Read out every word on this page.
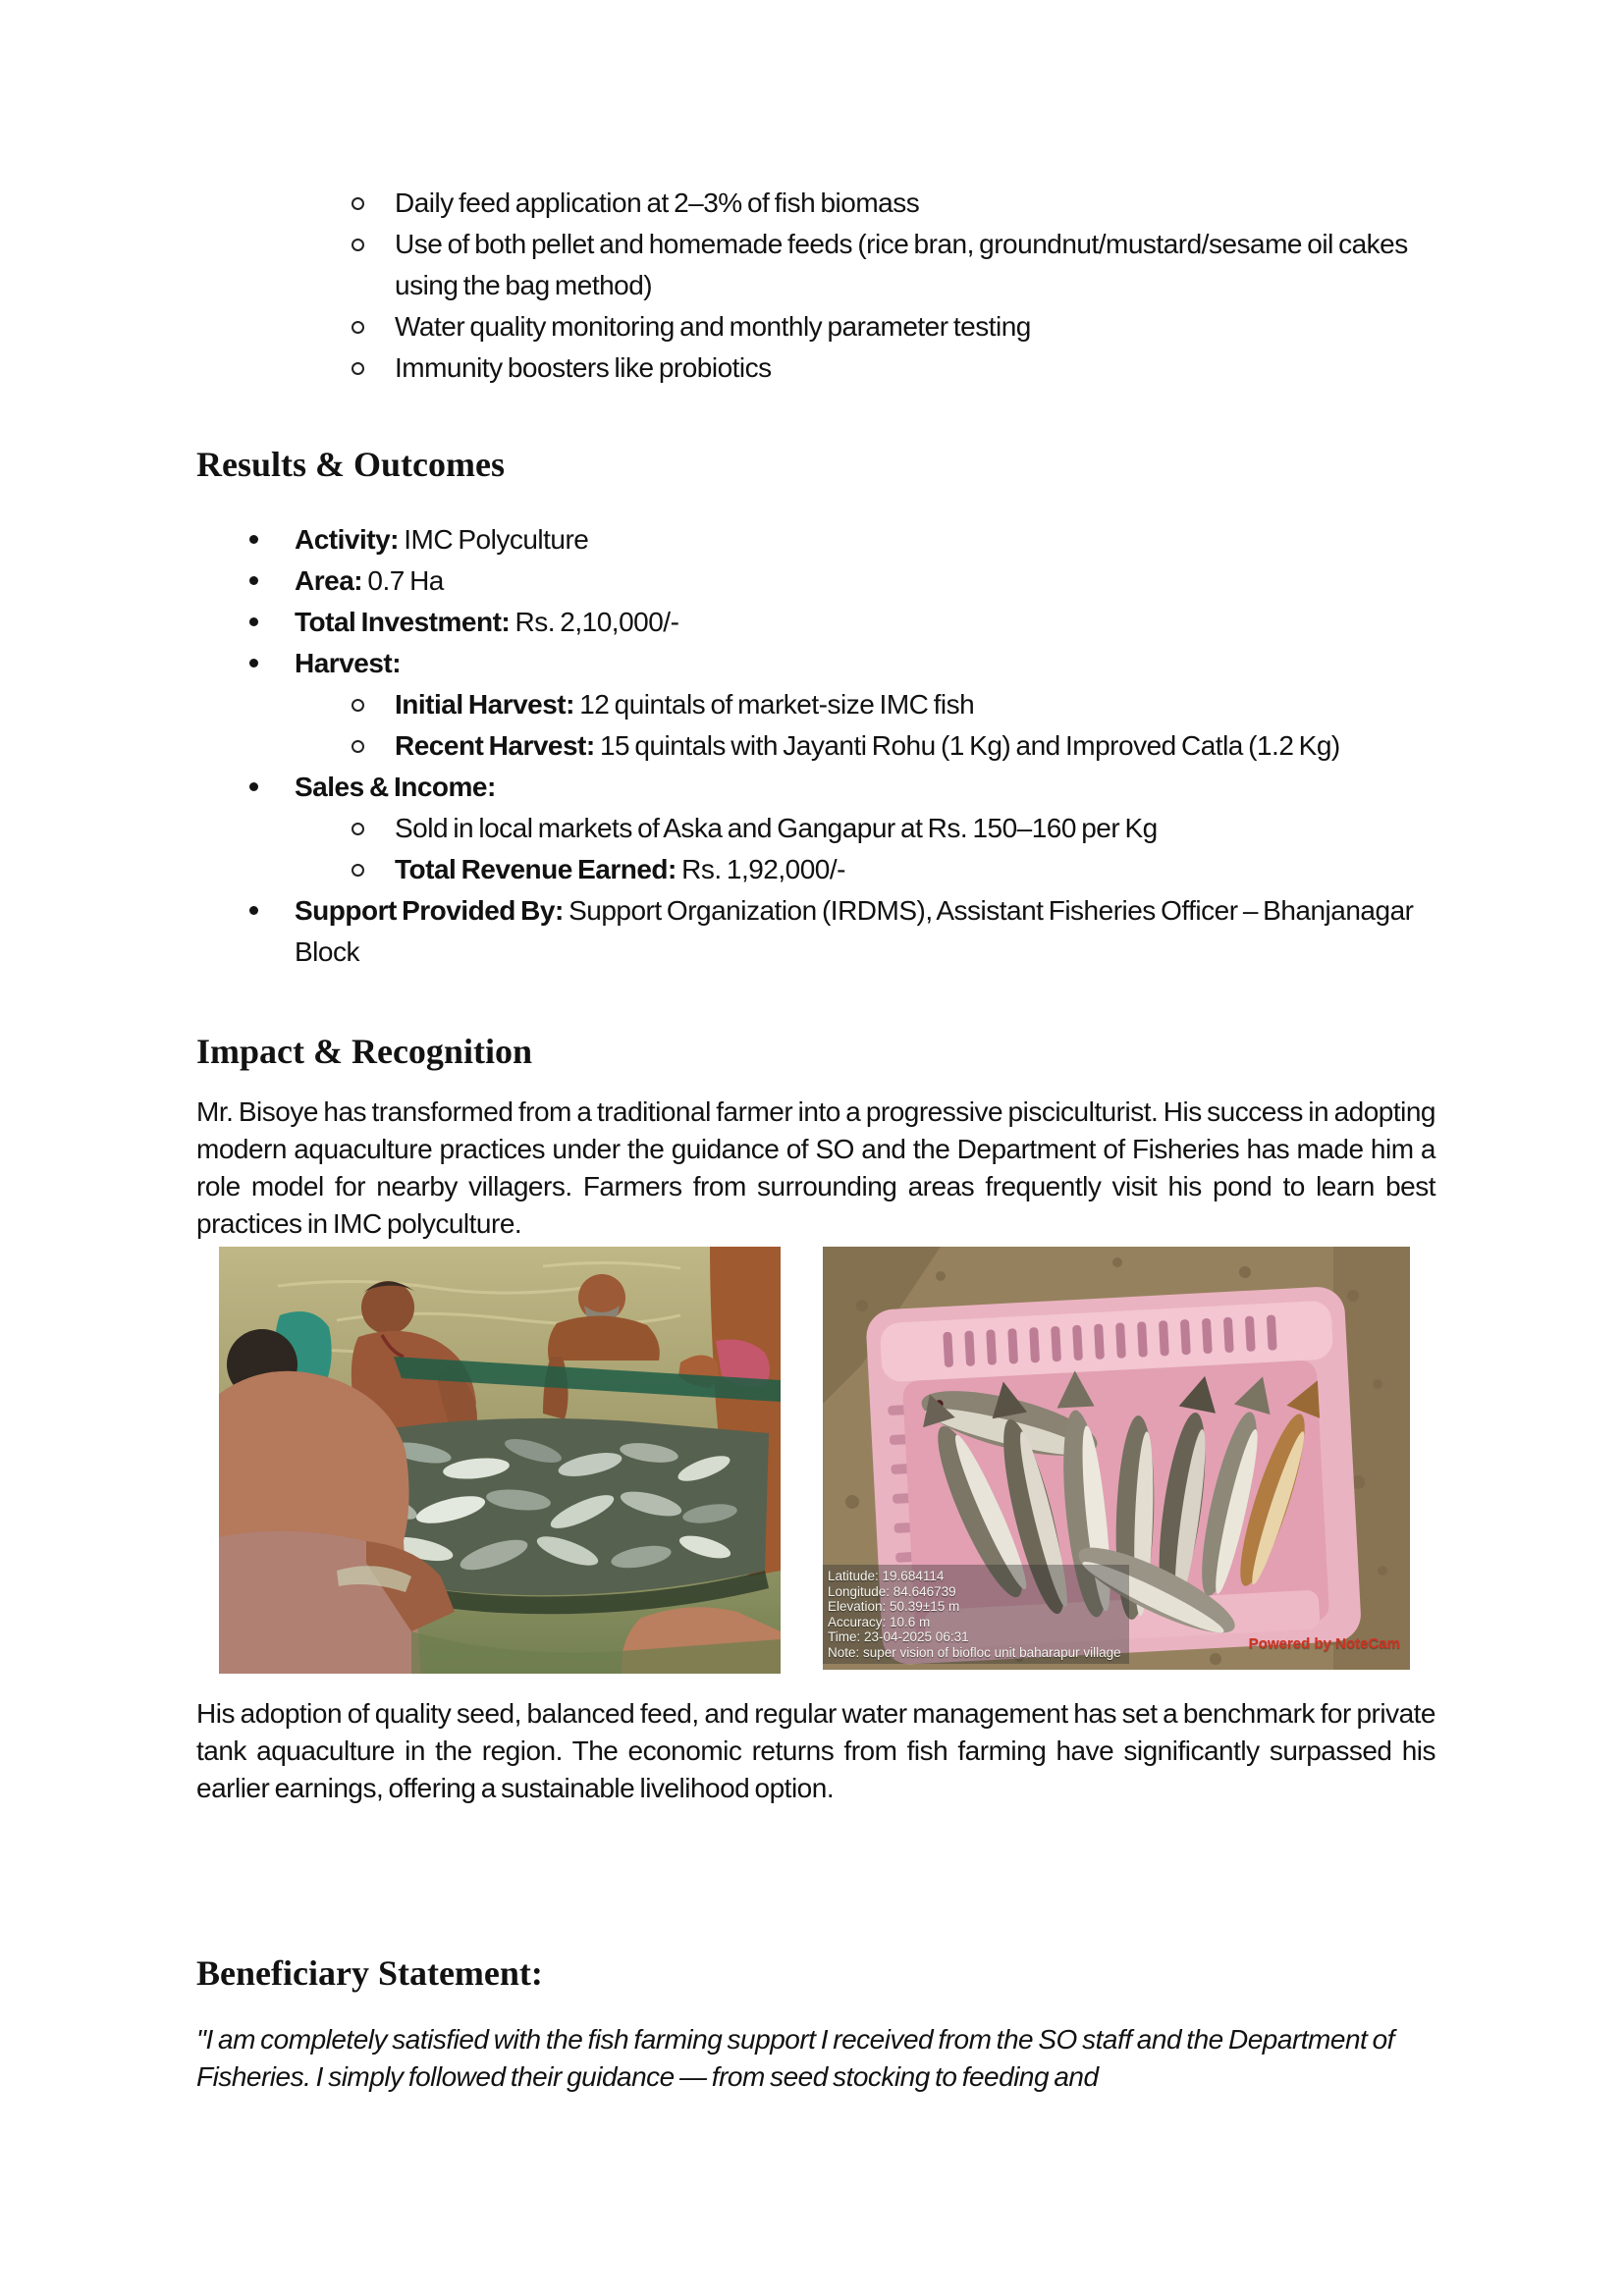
Daily feed application at 2–3% of fish biomass
Use of both pellet and homemade feeds (rice bran, groundnut/mustard/sesame oil cakes using the bag method)
Water quality monitoring and monthly parameter testing
Immunity boosters like probiotics
Results & Outcomes
Activity: IMC Polyculture
Area: 0.7 Ha
Total Investment: Rs. 2,10,000/-
Harvest:
Initial Harvest: 12 quintals of market-size IMC fish
Recent Harvest: 15 quintals with Jayanti Rohu (1 Kg) and Improved Catla (1.2 Kg)
Sales & Income:
Sold in local markets of Aska and Gangapur at Rs. 150–160 per Kg
Total Revenue Earned: Rs. 1,92,000/-
Support Provided By: Support Organization (IRDMS), Assistant Fisheries Officer – Bhanjanagar Block
Impact & Recognition

Mr. Bisoye has transformed from a traditional farmer into a progressive pisciculturist. His success in adopting modern aquaculture practices under the guidance of SO and the Department of Fisheries has made him a role model for nearby villagers. Farmers from surrounding areas frequently visit his pond to learn best practices in IMC polyculture.

Latitude: 19.684114
Longitude: 84.646739
Elevation: 50.39±15 m
Accuracy: 10.6 m
Time: 23-04-2025 06:31
Note: super vision of biofloc unit baharapur village	Powered by NoteCam

His adoption of quality seed, balanced feed, and regular water management has set a benchmark for private tank aquaculture in the region. The economic returns from fish farming have significantly surpassed his earlier earnings, offering a sustainable livelihood option.

Beneficiary Statement:

"I am completely satisfied with the fish farming support I received from the SO staff and the Department of Fisheries. I simply followed their guidance — from seed stocking to feeding and
